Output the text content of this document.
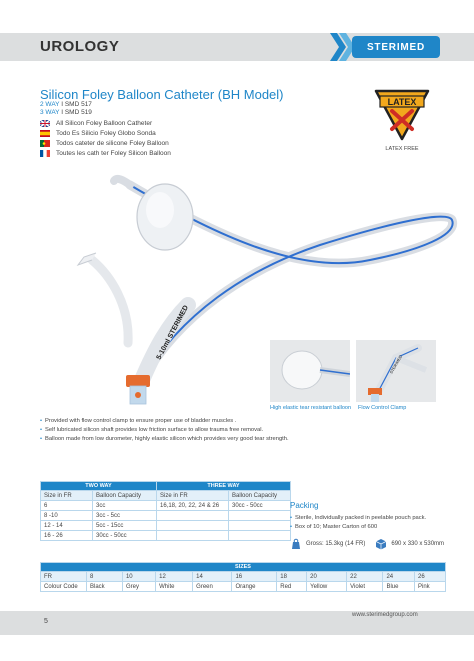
UROLOGY	STERIMED
Silicon Foley Balloon Catheter (BH Model)
2 WAY I SMD 517
3 WAY I SMD 519
All Silicon Foley Balloon Catheter
Todo Es Silicio Foley Globo Sonda
Todos cateter de silicone Foley Balloon
Toutes les cath ter Foley Silicon Balloon
LATEX
LATEX FREE
5-10ml STERIMED
STERIMED
High elastic tear resistant balloon Flow Control Clamp
• Provided with flow control clamp to ensure proper use of bladder muscles .
• Self lubricated silicon shaft provides low friction surface to allow trauma free removal.
• Balloon made from low durometer, highly elastic silicon which provides very good tear strength.
TWO WAY		THREE WAY	
Size in FR	Balloon Capacity	Size in FR	Balloon Capacity
6	3cc	16,18, 20, 22, 24 & 26	30cc - 50cc
8 -10	3cc - 5cc		
12 - 14	5cc - 15cc		
16 - 26	30cc - 50cc		
Packing
• Sterile, Individually packed in peelable pouch pack.
• Box of 10; Master Carton of 600
Gross: 15.3kg (14 FR)	690 x 330 x 530mm
SIZES										
FR	8	10	12	14	16	18	20	22	24	26
Colour Code	Black	Grey	White	Green	Orange	Red	Yellow	Violet	Blue	Pink
5
www.sterimedgroup.com
